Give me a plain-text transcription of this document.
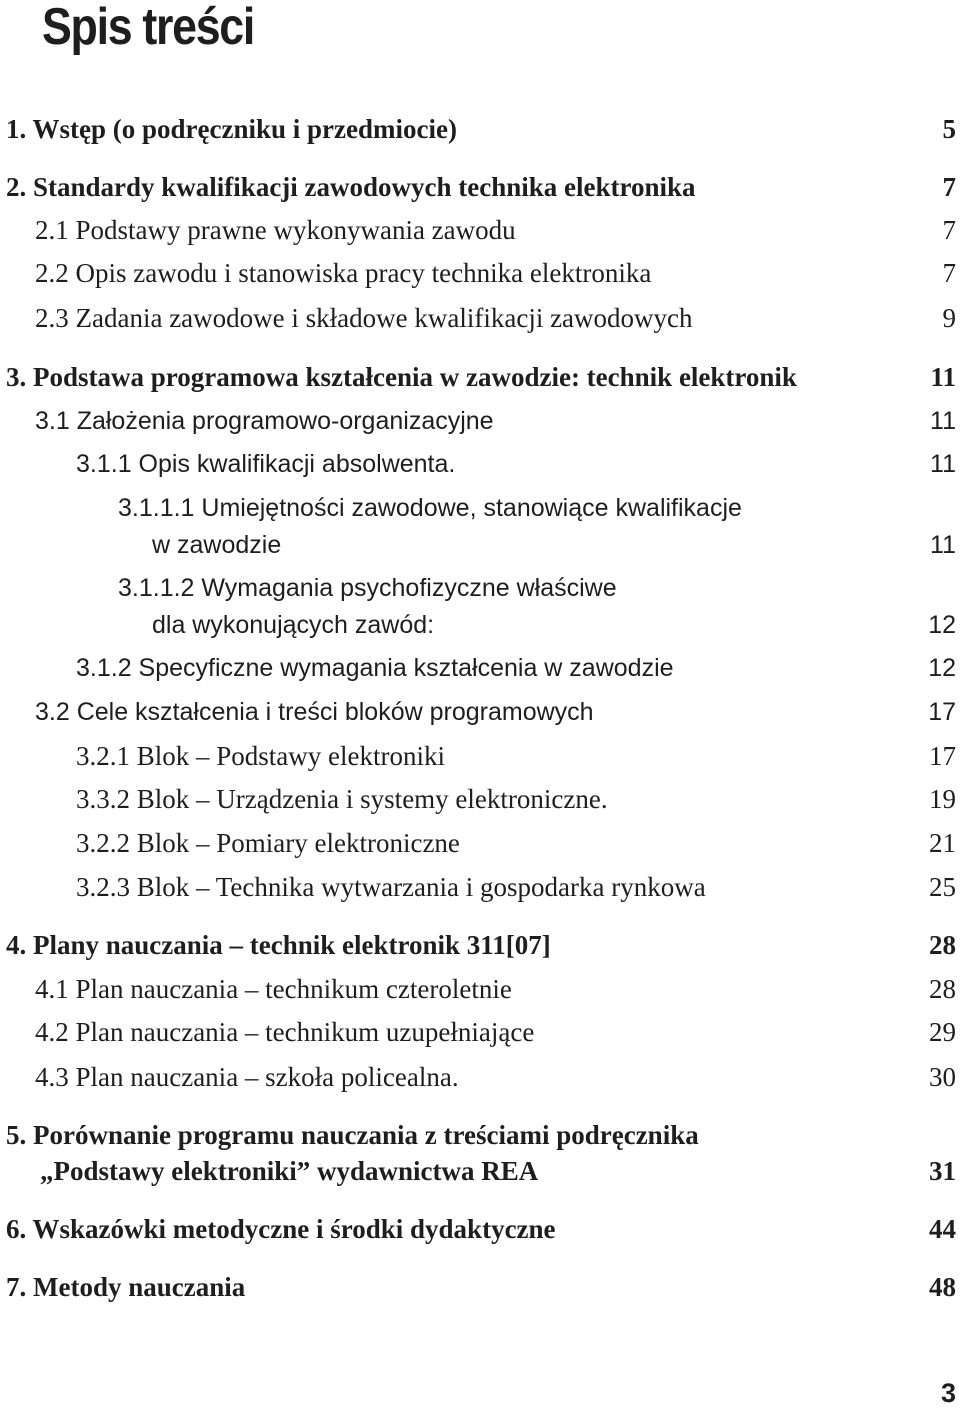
Spis treści
1. Wstęp (o podręczniku i przedmiocie)	5
2. Standardy kwalifikacji zawodowych technika elektronika	7
2.1 Podstawy prawne wykonywania zawodu	7
2.2 Opis zawodu i stanowiska pracy technika elektronika	7
2.3 Zadania zawodowe i składowe kwalifikacji zawodowych	9
3. Podstawa programowa kształcenia w zawodzie: technik elektronik	11
3.1 Założenia programowo-organizacyjne	11
3.1.1 Opis kwalifikacji absolwenta.	11
3.1.1.1 Umiejętności zawodowe, stanowiące kwalifikacje
w zawodzie	11
3.1.1.2 Wymagania psychofizyczne właściwe
dla wykonujących zawód:	12
3.1.2 Specyficzne wymagania kształcenia w zawodzie	12
3.2 Cele kształcenia i treści bloków programowych	17
3.2.1 Blok – Podstawy elektroniki	17
3.3.2 Blok – Urządzenia i systemy elektroniczne.	19
3.2.2 Blok – Pomiary elektroniczne	21
3.2.3 Blok – Technika wytwarzania i gospodarka rynkowa	25
4. Plany nauczania – technik elektronik 311[07]	28
4.1 Plan nauczania – technikum czteroletnie	28
4.2 Plan nauczania – technikum uzupełniające	29
4.3 Plan nauczania – szkoła policealna.	30
5. Porównanie programu nauczania z treściami podręcznika
„Podstawy elektroniki” wydawnictwa REA	31
6. Wskazówki metodyczne i środki dydaktyczne	44
7. Metody nauczania	48
3
